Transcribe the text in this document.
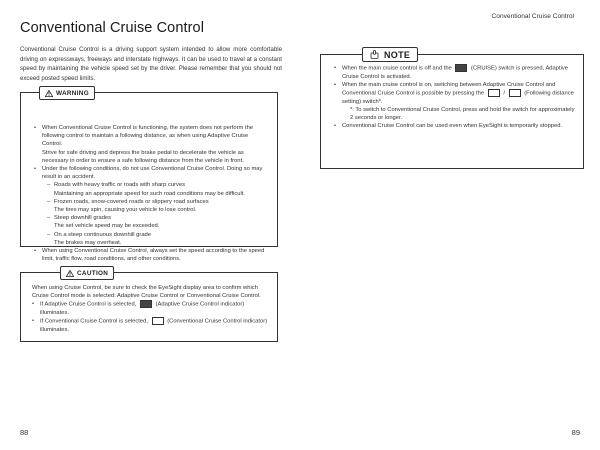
Conventional Cruise Control
Conventional Cruise Control
Conventional Cruise Control is a driving support system intended to allow more comfortable driving on expressways, freeways and interstate highways. It can be used to travel at a constant speed by maintaining the vehicle speed set by the driver. Please remember that you should not exceed posted speed limits.
WARNING
• When Conventional Cruise Control is functioning, the system does not perform the following control to maintain a following distance, as when using Adaptive Cruise Control.
Strive for safe driving and depress the brake pedal to decelerate the vehicle as necessary in order to ensure a safe following distance from the vehicle in front.
• Under the following conditions, do not use Conventional Cruise Control. Doing so may result in an accident.
– Roads with heavy traffic or roads with sharp curves
Maintaining an appropriate speed for such road conditions may be difficult.
– Frozen roads, snow-covered roads or slippery road surfaces
The tires may spin, causing your vehicle to lose control.
– Steep downhill grades
The set vehicle speed may be exceeded.
– On a steep continuous downhill grade
The brakes may overheat.
• When using Conventional Cruise Control, always set the speed according to the speed limit, traffic flow, road conditions, and other conditions.
CAUTION
When using Cruise Control, be sure to check the EyeSight display area to confirm which Cruise Control mode is selected: Adaptive Cruise Control or Conventional Cruise Control.
• If Adaptive Cruise Control is selected,	(Adaptive Cruise Control indicator) illuminates.
• If Conventional Cruise Control is selected,	(Conventional Cruise Control indicator) illuminates.
NOTE
• When the main cruise control is off and the	(CRUISE) switch is pressed, Adaptive Cruise Control is activated.
• When the main cruise control is on, switching between Adaptive Cruise Control and Conventional Cruise Control is possible by pressing the	/	(Following distance setting) switch*.
*: To switch to Conventional Cruise Control, press and hold the switch for approximately 2 seconds or longer.
• Conventional Cruise Control can be used even when EyeSight is temporarily stopped.
88	89
